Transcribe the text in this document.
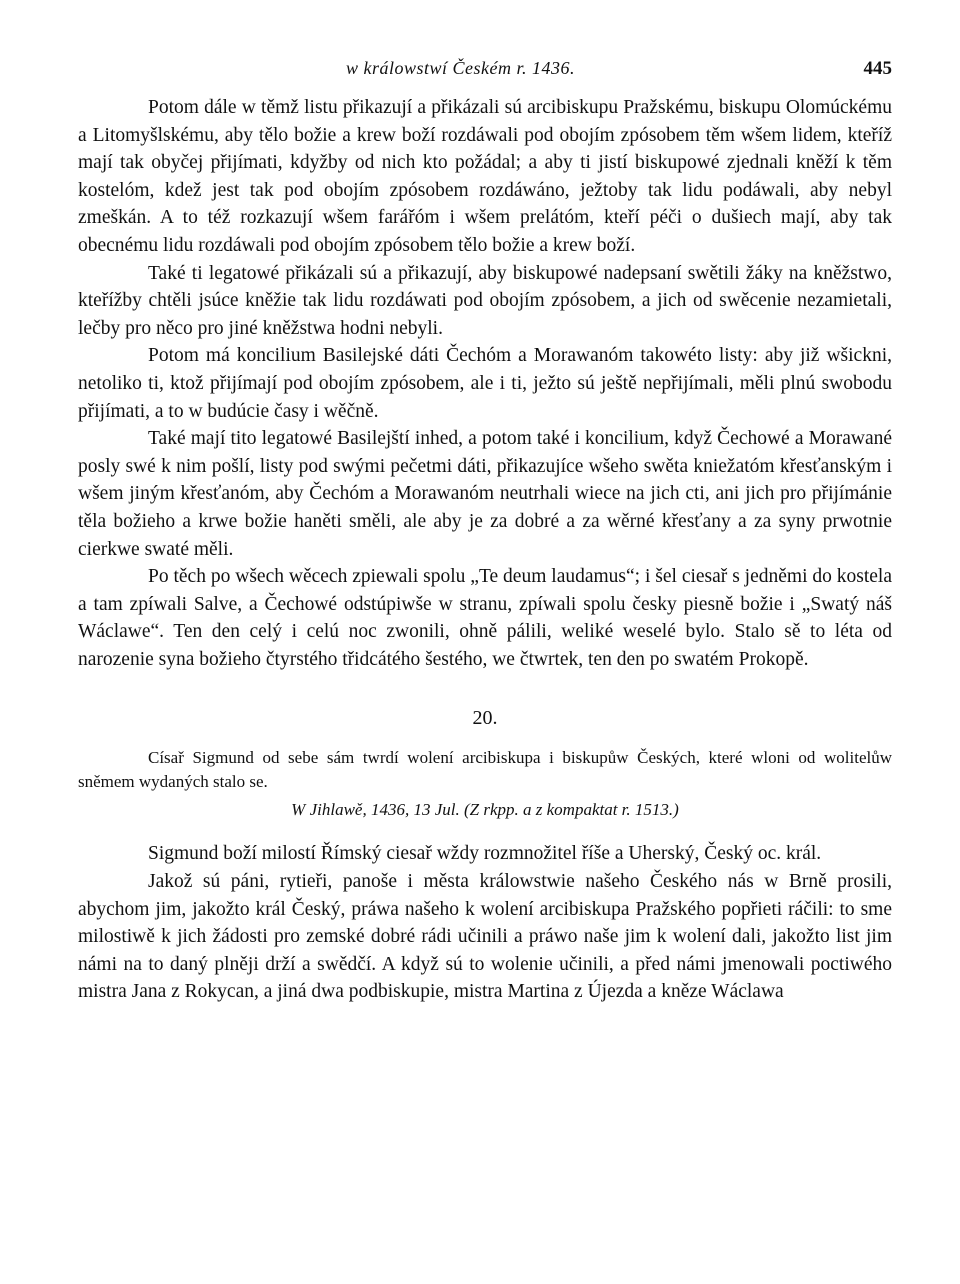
w králowstwí Českém r. 1436.	445

Potom dále w těmž listu přikazují a přikázali sú arcibiskupu Pražskému, biskupu Olomúckému a Litomyšlskému, aby tělo božie a krew boží rozdáwali pod obojím zpósobem těm wšem lidem, kteříž mají tak obyčej přijímati, kdyžby od nich kto požádal; a aby ti jistí biskupowé zjednali kněží k těm kostelóm, kdež jest tak pod obojím zpósobem rozdáwáno, ježtoby tak lidu podáwali, aby nebyl zmeškán. A to též rozkazují wšem farářóm i wšem prelátóm, kteří péči o dušiech mají, aby tak obecnému lidu rozdáwali pod obojím zpósobem tělo božie a krew boží.

Také ti legatowé přikázali sú a přikazují, aby biskupowé nadepsaní swětili žáky na kněžstwo, kteřížby chtěli jsúce kněžie tak lidu rozdáwati pod obojím zpósobem, a jich od swěcenie nezamietali, lečby pro něco pro jiné kněžstwa hodni nebyli.

Potom má koncilium Basilejské dáti Čechóm a Morawanóm takowéto listy: aby již wšickni, netoliko ti, ktož přijímají pod obojím zpósobem, ale i ti, ježto sú ještě nepřijímali, měli plnú swobodu přijímati, a to w budúcie časy i wěčně.

Také mají tito legatowé Basilejští inhed, a potom také i koncilium, když Čechowé a Morawané posly swé k nim pošlí, listy pod swými pečetmi dáti, přikazujíce wšeho swěta kniežatóm křesťanským i wšem jiným křesťanóm, aby Čechóm a Morawanóm neutrhali wiece na jich cti, ani jich pro přijímánie těla božieho a krwe božie haněti směli, ale aby je za dobré a za wěrné křesťany a za syny prwotnie cierkwe swaté měli.

Po těch po wšech wěcech zpiewali spolu „Te deum laudamus“; i šel ciesař s jedněmi do kostela a tam zpíwali Salve, a Čechowé odstúpiwše w stranu, zpíwali spolu česky piesně božie i „Swatý náš Wáclawe“. Ten den celý i celú noc zwonili, ohně pálili, weliké weselé bylo. Stalo sě to léta od narozenie syna božieho čtyrstého třidcátého šestého, we čtwrtek, ten den po swatém Prokopě.

20.

Císař Sigmund od sebe sám twrdí wolení arcibiskupa i biskupůw Českých, které wloni od wolitelůw sněmem wydaných stalo se.

W Jihlawě, 1436, 13 Jul. (Z rkpp. a z kompaktat r. 1513.)

Sigmund boží milostí Římský ciesař wždy rozmnožitel říše a Uherský, Český oc. král.

Jakož sú páni, rytieři, panoše i města králowstwie našeho Českého nás w Brně prosili, abychom jim, jakožto král Český, práwa našeho k wolení arcibiskupa Pražského popřieti ráčili: to sme milostiwě k jich žádosti pro zemské dobré rádi učinili a práwo naše jim k wolení dali, jakožto list jim námi na to daný plněji drží a swědčí. A když sú to wolenie učinili, a před námi jmenowali poctiwého mistra Jana z Rokycan, a jiná dwa podbiskupie, mistra Martina z Újezda a kněze Wáclawa
